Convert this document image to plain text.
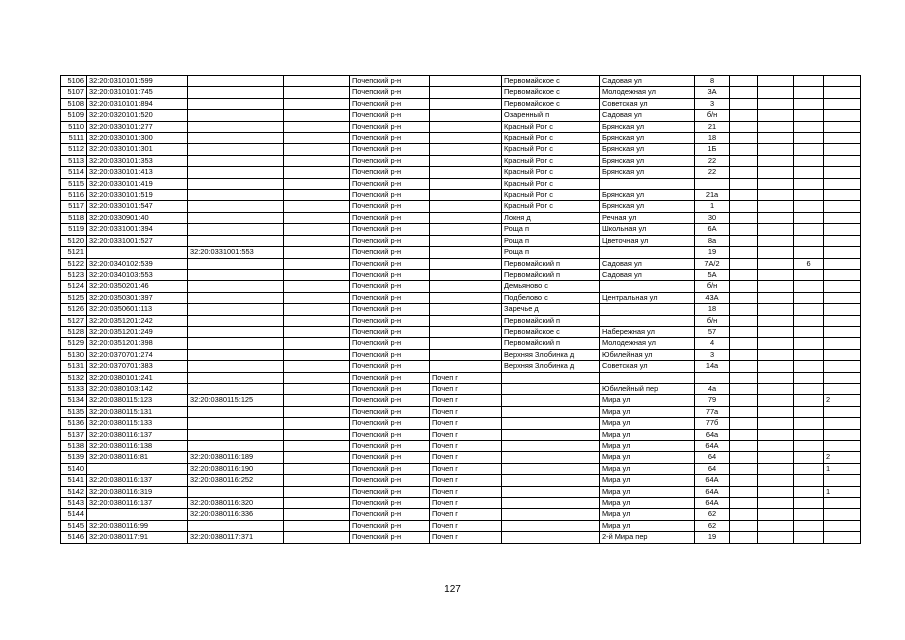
5106	32:20:0310101:599			Почепский р-н		Первомайское с	Садовая ул	8				
5107	32:20:0310101:745			Почепский р-н		Первомайское с	Молодежная ул	3А				
5108	32:20:0310101:894			Почепский р-н		Первомайское с	Советская ул	3				
5109	32:20:0320101:520			Почепский р-н		Озаренный п	Садовая ул	б/н				
5110	32:20:0330101:277			Почепский р-н		Красный Рог с	Брянская ул	21				
5111	32:20:0330101:300			Почепский р-н		Красный Рог с	Брянская ул	18				
5112	32:20:0330101:301			Почепский р-н		Красный Рог с	Брянская ул	1Б				
5113	32:20:0330101:353			Почепский р-н		Красный Рог с	Брянская ул	22				
5114	32:20:0330101:413			Почепский р-н		Красный Рог с	Брянская ул	22				
5115	32:20:0330101:419			Почепский р-н		Красный Рог с						
5116	32:20:0330101:519			Почепский р-н		Красный Рог с	Брянская ул	21а				
5117	32:20:0330101:547			Почепский р-н		Красный Рог с	Брянская ул	1				
5118	32:20:0330901:40			Почепский р-н		Локня д	Речная ул	30				
5119	32:20:0331001:394			Почепский р-н		Роща п	Школьная ул	6А				
5120	32:20:0331001:527			Почепский р-н		Роща п	Цветочная ул	8а				
5121		32:20:0331001:553		Почепский р-н		Роща п		19				
5122	32:20:0340102:539			Почепский р-н		Первомайский п	Садовая ул	7А/2			6	
5123	32:20:0340103:553			Почепский р-н		Первомайский п	Садовая ул	5А				
5124	32:20:0350201:46			Почепский р-н		Демьяново с		б/н				
5125	32:20:0350301:397			Почепский р-н		Подбелово с	Центральная ул	43А				
5126	32:20:0350601:113			Почепский р-н		Заречье д		18				
5127	32:20:0351201:242			Почепский р-н		Первомайский п		б/н				
5128	32:20:0351201:249			Почепский р-н		Первомайское с	Набережная ул	57				
5129	32:20:0351201:398			Почепский р-н		Первомайский п	Молодежная ул	4				
5130	32:20:0370701:274			Почепский р-н		Верхняя Злобинка д	Юбилейная ул	3				
5131	32:20:0370701:383			Почепский р-н		Верхняя Злобинка д	Советская ул	14а				
5132	32:20:0380101:241			Почепский р-н	Почеп г							
5133	32:20:0380103:142			Почепский р-н	Почеп г		Юбилейный пер	4а				
5134	32:20:0380115:123	32:20:0380115:125		Почепский р-н	Почеп г		Мира ул	79				2
5135	32:20:0380115:131			Почепский р-н	Почеп г		Мира ул	77а				
5136	32:20:0380115:133			Почепский р-н	Почеп г		Мира ул	77б				
5137	32:20:0380116:137			Почепский р-н	Почеп г		Мира ул	64а				
5138	32:20:0380116:138			Почепский р-н	Почеп г		Мира ул	64А				
5139	32:20:0380116:81	32:20:0380116:189		Почепский р-н	Почеп г		Мира ул	64				2
5140		32:20:0380116:190		Почепский р-н	Почеп г		Мира ул	64				1
5141	32:20:0380116:137	32:20:0380116:252		Почепский р-н	Почеп г		Мира ул	64А				
5142	32:20:0380116:319			Почепский р-н	Почеп г		Мира ул	64А				1
5143	32:20:0380116:137	32:20:0380116:320		Почепский р-н	Почеп г		Мира ул	64А				
5144		32:20:0380116:336		Почепский р-н	Почеп г		Мира ул	62				
5145	32:20:0380116:99			Почепский р-н	Почеп г		Мира ул	62				
5146	32:20:0380117:91	32:20:0380117:371		Почепский р-н	Почеп г		2-й Мира пер	19				
127
